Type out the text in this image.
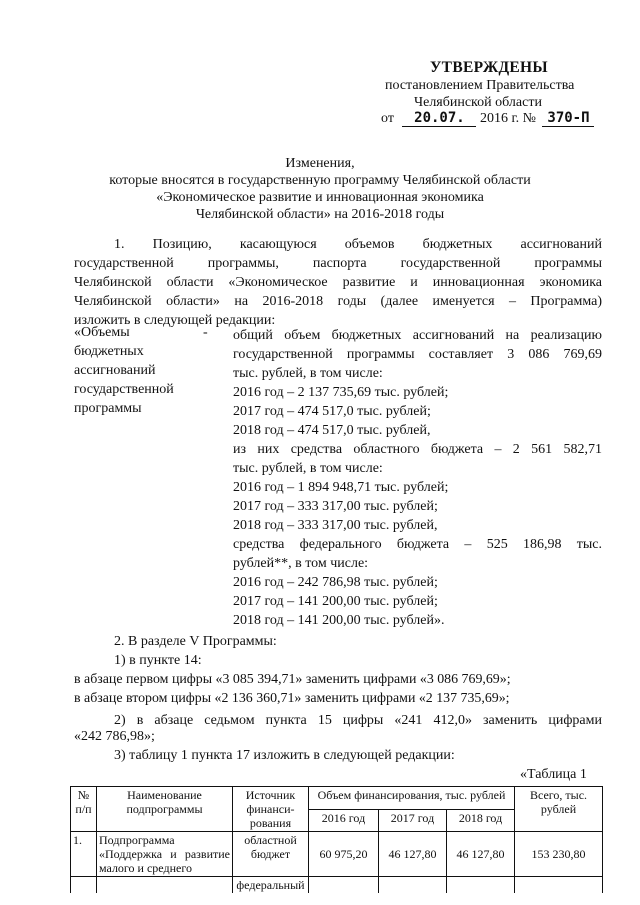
УТВЕРЖДЕНЫ
постановлением Правительства
Челябинской области
от 20.07. 2016 г. № 370-П
Изменения,
которые вносятся в государственную программу Челябинской области
«Экономическое развитие и инновационная экономика
Челябинской области» на 2016-2018 годы
1. Позицию, касающуюся объемов бюджетных ассигнований
государственной программы, паспорта государственной программы
Челябинской области «Экономическое развитие и инновационная экономика
Челябинской области» на 2016-2018 годы (далее именуется – Программа)
изложить в следующей редакции:
«Объемы	-
бюджетных
ассигнований
государственной
программы
общий объем бюджетных ассигнований на реализацию
государственной программы составляет 3 086 769,69
тыс. рублей, в том числе:
2016 год – 2 137 735,69 тыс. рублей;
2017 год – 474 517,0 тыс. рублей;
2018 год – 474 517,0 тыс. рублей,
из них средства областного бюджета – 2 561 582,71
тыс. рублей, в том числе:
2016 год – 1 894 948,71 тыс. рублей;
2017 год – 333 317,00 тыс. рублей;
2018 год – 333 317,00 тыс. рублей,
средства федерального бюджета – 525 186,98 тыс.
рублей**, в том числе:
2016 год – 242 786,98 тыс. рублей;
2017 год – 141 200,00 тыс. рублей;
2018 год – 141 200,00 тыс. рублей».
2. В разделе V Программы:
1) в пункте 14:
в абзаце первом цифры «3 085 394,71» заменить цифрами «3 086 769,69»;
в абзаце втором цифры «2 136 360,71» заменить цифрами «2 137 735,69»;
2) в абзаце седьмом пункта 15 цифры «241 412,0» заменить цифрами
«242 786,98»;
3) таблицу 1 пункта 17 изложить в следующей редакции:
«Таблица 1
№ п/п	Наименование подпрограммы	Источник финанси-рования	Объем финансирования, тыс. рублей			Всего, тыс. рублей
			2016 год	2017 год	2018 год	
1.	Подпрограмма «Поддержка и развитие малого и среднего	областной бюджет	60 975,20	46 127,80	46 127,80	153 230,80
		федеральный				
